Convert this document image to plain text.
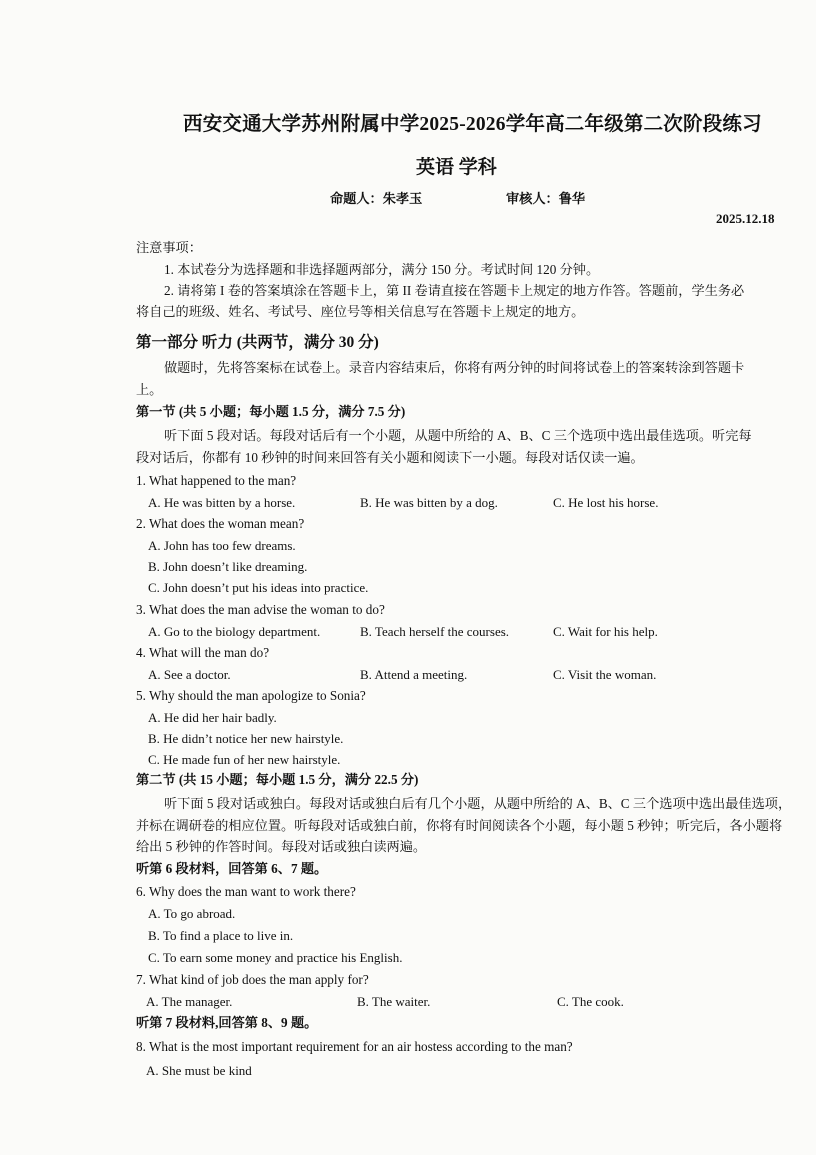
西安交通大学苏州附属中学2025-2026学年高二年级第二次阶段练习
英语 学科
命题人：朱孝玉	审核人：鲁华
2025.12.18
注意事项：
1. 本试卷分为选择题和非选择题两部分，满分 150 分。考试时间 120 分钟。
2. 请将第 I 卷的答案填涂在答题卡上，第 II 卷请直接在答题卡上规定的地方作答。答题前，学生务必
将自己的班级、姓名、考试号、座位号等相关信息写在答题卡上规定的地方。
第一部分 听力 (共两节，满分 30 分)
做题时，先将答案标在试卷上。录音内容结束后，你将有两分钟的时间将试卷上的答案转涂到答题卡
上。
第一节 (共 5 小题；每小题 1.5 分，满分 7.5 分)
听下面 5 段对话。每段对话后有一个小题，从题中所给的 A、B、C 三个选项中选出最佳选项。听完每
段对话后，你都有 10 秒钟的时间来回答有关小题和阅读下一小题。每段对话仅读一遍。
1. What happened to the man?
A. He was bitten by a horse.	B. He was bitten by a dog.	C. He lost his horse.
2. What does the woman mean?
A. John has too few dreams.
B. John doesn’t like dreaming.
C. John doesn’t put his ideas into practice.
3. What does the man advise the woman to do?
A. Go to the biology department.	B. Teach herself the courses.	C. Wait for his help.
4. What will the man do?
A. See a doctor.	B. Attend a meeting.	C. Visit the woman.
5. Why should the man apologize to Sonia?
A. He did her hair badly.
B. He didn’t notice her new hairstyle.
C. He made fun of her new hairstyle.
第二节 (共 15 小题；每小题 1.5 分，满分 22.5 分)
听下面 5 段对话或独白。每段对话或独白后有几个小题，从题中所给的 A、B、C 三个选项中选出最佳选项，
并标在调研卷的相应位置。听每段对话或独白前，你将有时间阅读各个小题，每小题 5 秒钟；听完后，各小题将
给出 5 秒钟的作答时间。每段对话或独白读两遍。
听第 6 段材料，回答第 6、7 题。
6. Why does the man want to work there?
A. To go abroad.
B. To find a place to live in.
C. To earn some money and practice his English.
7. What kind of job does the man apply for?
A. The manager.	B. The waiter.	C. The cook.
听第 7 段材料,回答第 8、9 题。
8. What is the most important requirement for an air hostess according to the man?
A. She must be kind
